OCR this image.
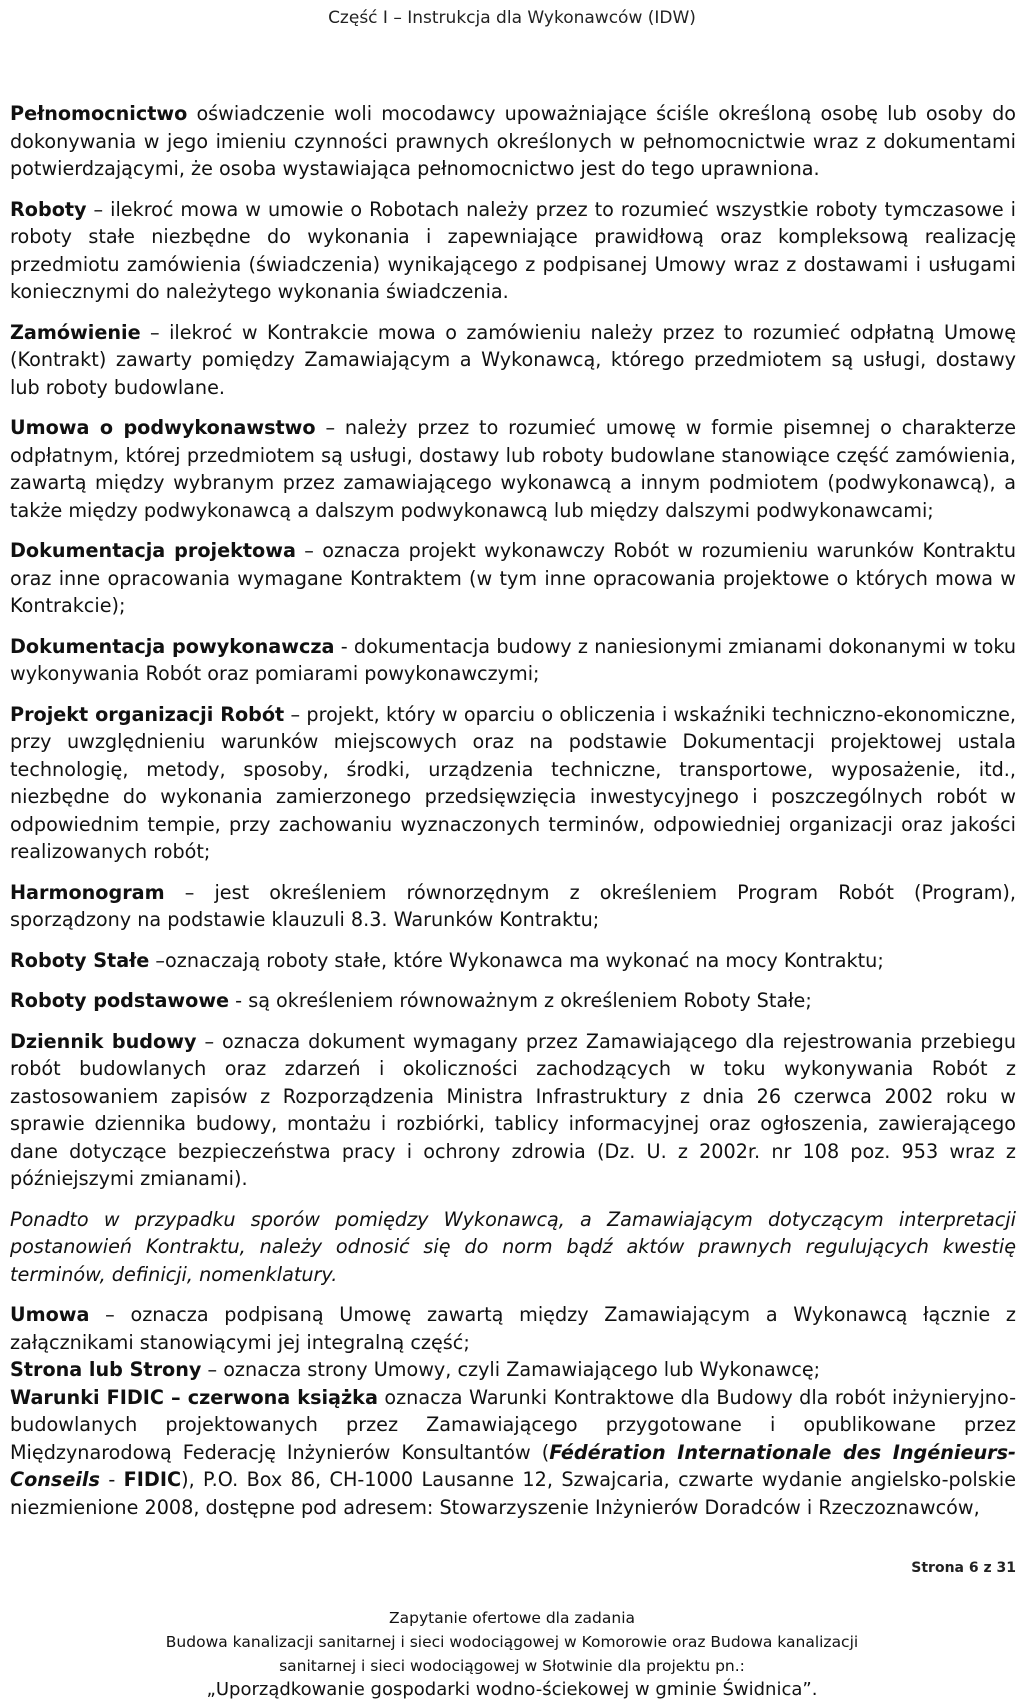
Część I – Instrukcja dla Wykonawców (IDW)
Pełnomocnictwo oświadczenie woli mocodawcy upoważniające ściśle określoną osobę lub osoby do dokonywania w jego imieniu czynności prawnych określonych w pełnomocnictwie wraz z dokumentami potwierdzającymi, że osoba wystawiająca pełnomocnictwo jest do tego uprawniona.
Roboty – ilekroć mowa w umowie o Robotach należy przez to rozumieć wszystkie roboty tymczasowe i roboty stałe niezbędne do wykonania i zapewniające prawidłową oraz kompleksową realizację przedmiotu zamówienia (świadczenia) wynikającego z podpisanej Umowy wraz z dostawami i usługami koniecznymi do należytego wykonania świadczenia.
Zamówienie – ilekroć w Kontrakcie mowa o zamówieniu należy przez to rozumieć odpłatną Umowę (Kontrakt) zawarty pomiędzy Zamawiającym a Wykonawcą, którego przedmiotem są usługi, dostawy lub roboty budowlane.
Umowa o podwykonawstwo – należy przez to rozumieć umowę w formie pisemnej o charakterze odpłatnym, której przedmiotem są usługi, dostawy lub roboty budowlane stanowiące część zamówienia, zawartą między wybranym przez zamawiającego wykonawcą a innym podmiotem (podwykonawcą), a także między podwykonawcą a dalszym podwykonawcą lub między dalszymi podwykonawcami;
Dokumentacja projektowa – oznacza projekt wykonawczy Robót w rozumieniu warunków Kontraktu oraz inne opracowania wymagane Kontraktem (w tym inne opracowania projektowe o których mowa w Kontrakcie);
Dokumentacja powykonawcza - dokumentacja budowy z naniesionymi zmianami dokonanymi w toku wykonywania Robót oraz pomiarami powykonawczymi;
Projekt organizacji Robót – projekt, który w oparciu o obliczenia i wskaźniki techniczno-ekonomiczne, przy uwzględnieniu warunków miejscowych oraz na podstawie Dokumentacji projektowej ustala technologię, metody, sposoby, środki, urządzenia techniczne, transportowe, wyposażenie, itd., niezbędne do wykonania zamierzonego przedsięwzięcia inwestycyjnego i poszczególnych robót w odpowiednim tempie, przy zachowaniu wyznaczonych terminów, odpowiedniej organizacji oraz jakości realizowanych robót;
Harmonogram – jest określeniem równorzędnym z określeniem Program Robót (Program), sporządzony na podstawie klauzuli 8.3. Warunków Kontraktu;
Roboty Stałe –oznaczają roboty stałe, które Wykonawca ma wykonać na mocy Kontraktu;
Roboty podstawowe - są określeniem równoważnym z określeniem Roboty Stałe;
Dziennik budowy – oznacza dokument wymagany przez Zamawiającego dla rejestrowania przebiegu robót budowlanych oraz zdarzeń i okoliczności zachodzących w toku wykonywania Robót z zastosowaniem zapisów z Rozporządzenia Ministra Infrastruktury z dnia 26 czerwca 2002 roku w sprawie dziennika budowy, montażu i rozbiórki, tablicy informacyjnej oraz ogłoszenia, zawierającego dane dotyczące bezpieczeństwa pracy i ochrony zdrowia (Dz. U. z 2002r. nr 108 poz. 953 wraz z późniejszymi zmianami).
Ponadto w przypadku sporów pomiędzy Wykonawcą, a Zamawiającym dotyczącym interpretacji postanowień Kontraktu, należy odnosić się do norm bądź aktów prawnych regulujących kwestię terminów, definicji, nomenklatury.
Umowa – oznacza podpisaną Umowę zawartą między Zamawiającym a Wykonawcą łącznie z załącznikami stanowiącymi jej integralną część;
Strona lub Strony – oznacza strony Umowy, czyli Zamawiającego lub Wykonawcę;
Warunki FIDIC – czerwona książka oznacza Warunki Kontraktowe dla Budowy dla robót inżynieryjno-budowlanych projektowanych przez Zamawiającego przygotowane i opublikowane przez Międzynarodową Federację Inżynierów Konsultantów (Fédération Internationale des Ingénieurs-Conseils - FIDIC), P.O. Box 86, CH-1000 Lausanne 12, Szwajcaria, czwarte wydanie angielsko-polskie niezmienione 2008, dostępne pod adresem: Stowarzyszenie Inżynierów Doradców i Rzeczoznawców,
Strona 6 z 31
Zapytanie ofertowe dla zadania
Budowa kanalizacji sanitarnej i sieci wodociągowej w Komorowie oraz Budowa kanalizacji
sanitarnej i sieci wodociągowej w Słotwinie dla projektu pn.:
„Uporządkowanie gospodarki wodno-ściekowej w gminie Świdnica”.
